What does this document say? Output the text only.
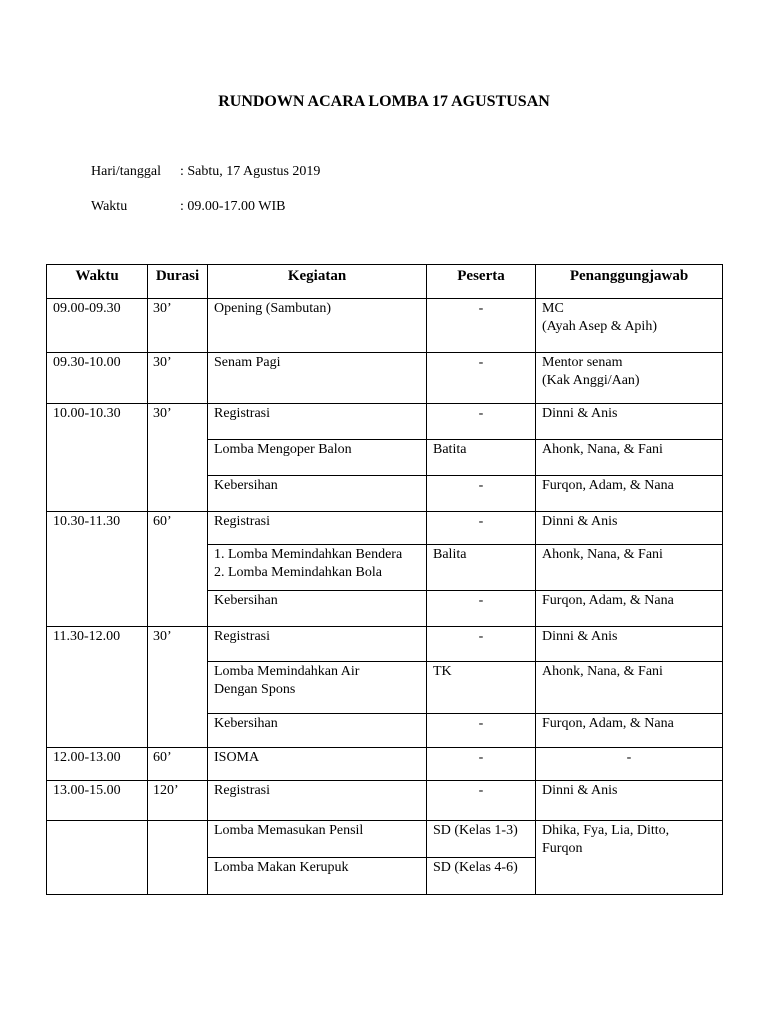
RUNDOWN ACARA LOMBA 17 AGUSTUSAN
Hari/tanggal : Sabtu, 17 Agustus 2019
Waktu	: 09.00-17.00 WIB
Waktu	Durasi	Kegiatan	Peserta	Penanggungjawab
09.00-09.30	30’	Opening (Sambutan)	-	MC
(Ayah Asep & Apih)
09.30-10.00	30’	Senam Pagi	-	Mentor senam
(Kak Anggi/Aan)
10.00-10.30	30’	Registrasi	-	Dinni & Anis
		Lomba Mengoper Balon	Batita	Ahonk, Nana, & Fani
		Kebersihan	-	Furqon, Adam, & Nana
10.30-11.30	60’	Registrasi	-	Dinni & Anis
		1. Lomba Memindahkan Bendera
2. Lomba Memindahkan Bola	Balita	Ahonk, Nana, & Fani
		Kebersihan	-	Furqon, Adam, & Nana
11.30-12.00	30’	Registrasi	-	Dinni & Anis
		Lomba Memindahkan Air
Dengan Spons	TK	Ahonk, Nana, & Fani
		Kebersihan	-	Furqon, Adam, & Nana
12.00-13.00	60’	ISOMA	-	-
13.00-15.00	120’	Registrasi	-	Dinni & Anis
		Lomba Memasukan Pensil	SD (Kelas 1-3)	Dhika, Fya, Lia, Ditto,
Furqon
		Lomba Makan Kerupuk	SD (Kelas 4-6)	
